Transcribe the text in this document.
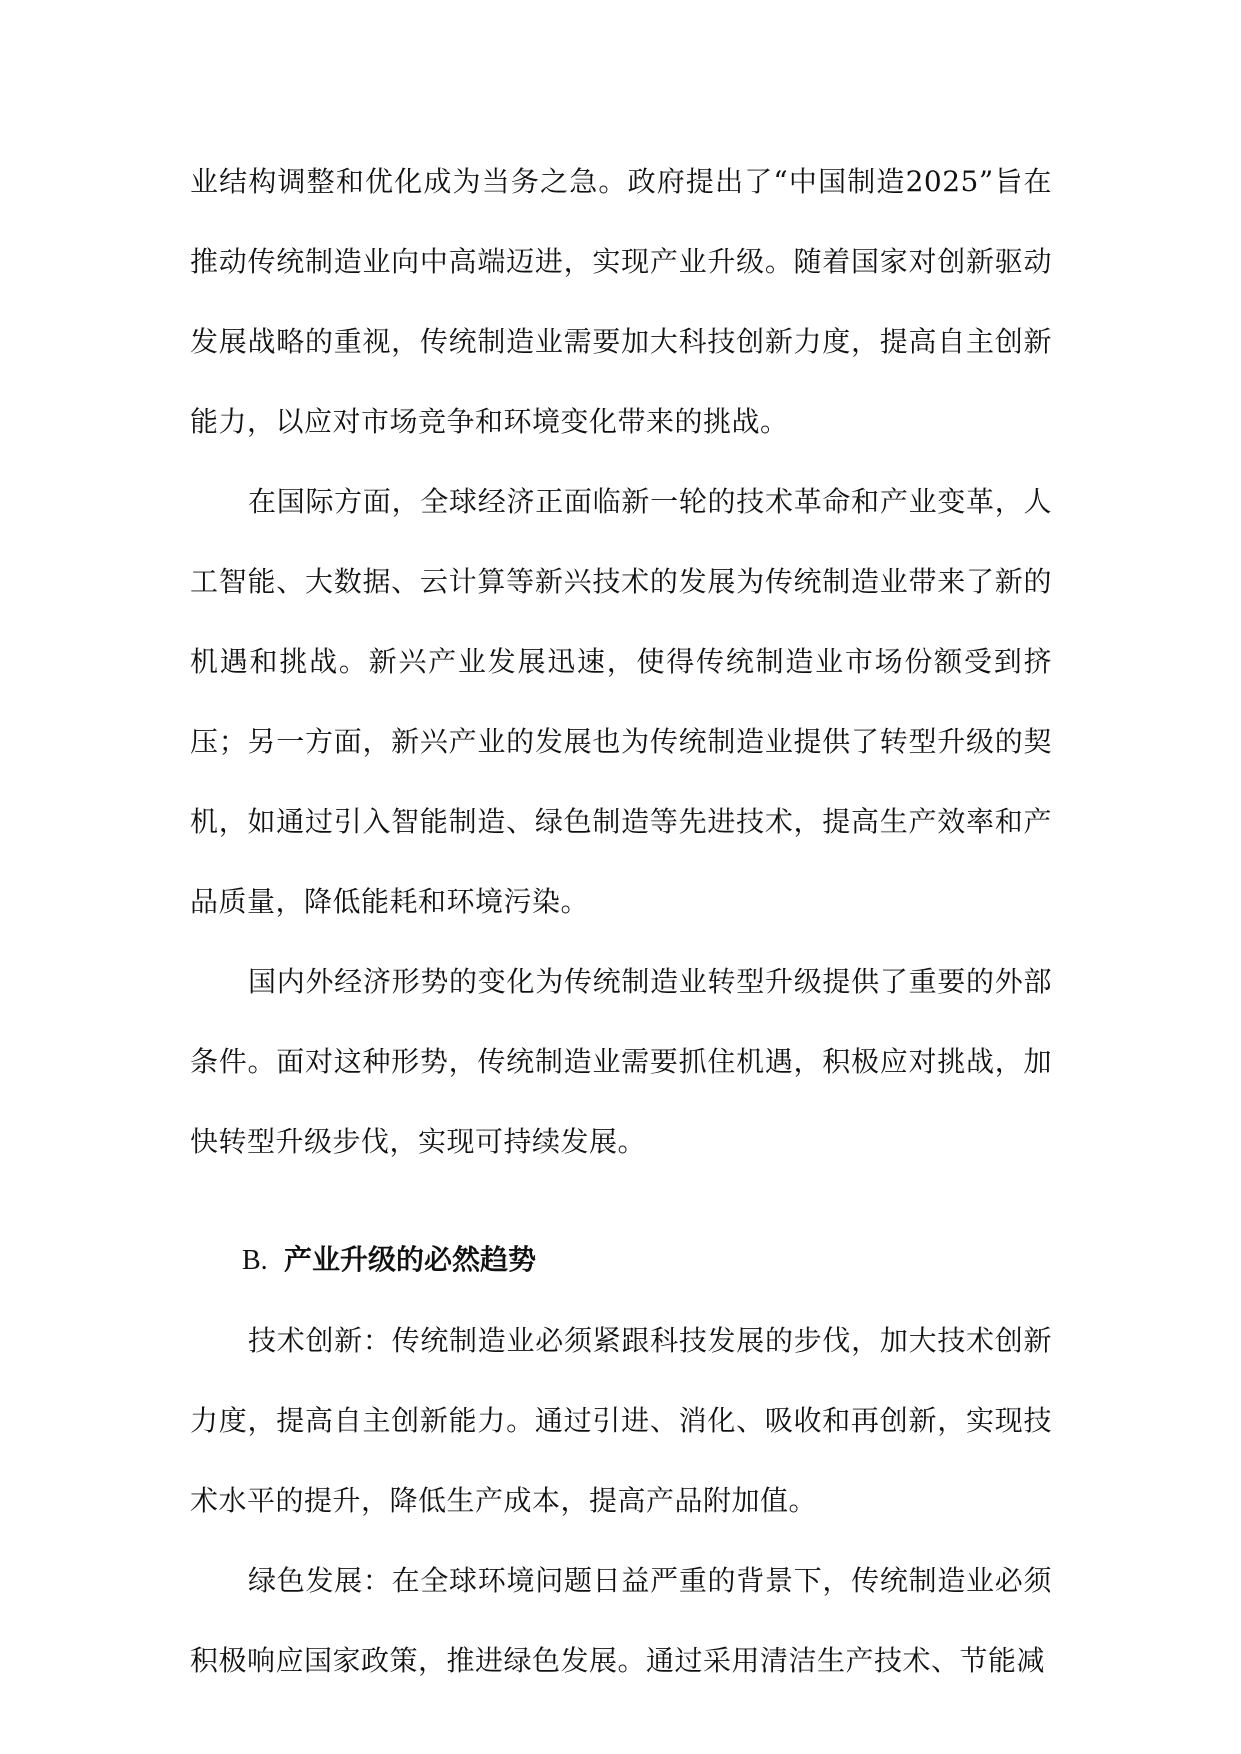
业结构调整和优化成为当务之急。政府提出了“中国制造2025”旨在推动传统制造业向中高端迈进，实现产业升级。随着国家对创新驱动发展战略的重视，传统制造业需要加大科技创新力度，提高自主创新能力，以应对市场竞争和环境变化带来的挑战。

在国际方面，全球经济正面临新一轮的技术革命和产业变革，人工智能、大数据、云计算等新兴技术的发展为传统制造业带来了新的机遇和挑战。新兴产业发展迅速，使得传统制造业市场份额受到挤压；另一方面，新兴产业的发展也为传统制造业提供了转型升级的契机，如通过引入智能制造、绿色制造等先进技术，提高生产效率和产品质量，降低能耗和环境污染。

国内外经济形势的变化为传统制造业转型升级提供了重要的外部条件。面对这种形势，传统制造业需要抓住机遇，积极应对挑战，加快转型升级步伐，实现可持续发展。

B. 产业升级的必然趋势

技术创新：传统制造业必须紧跟科技发展的步伐，加大技术创新力度，提高自主创新能力。通过引进、消化、吸收和再创新，实现技术水平的提升，降低生产成本，提高产品附加值。

绿色发展：在全球环境问题日益严重的背景下，传统制造业必须积极响应国家政策，推进绿色发展。通过采用清洁生产技术、节能减
